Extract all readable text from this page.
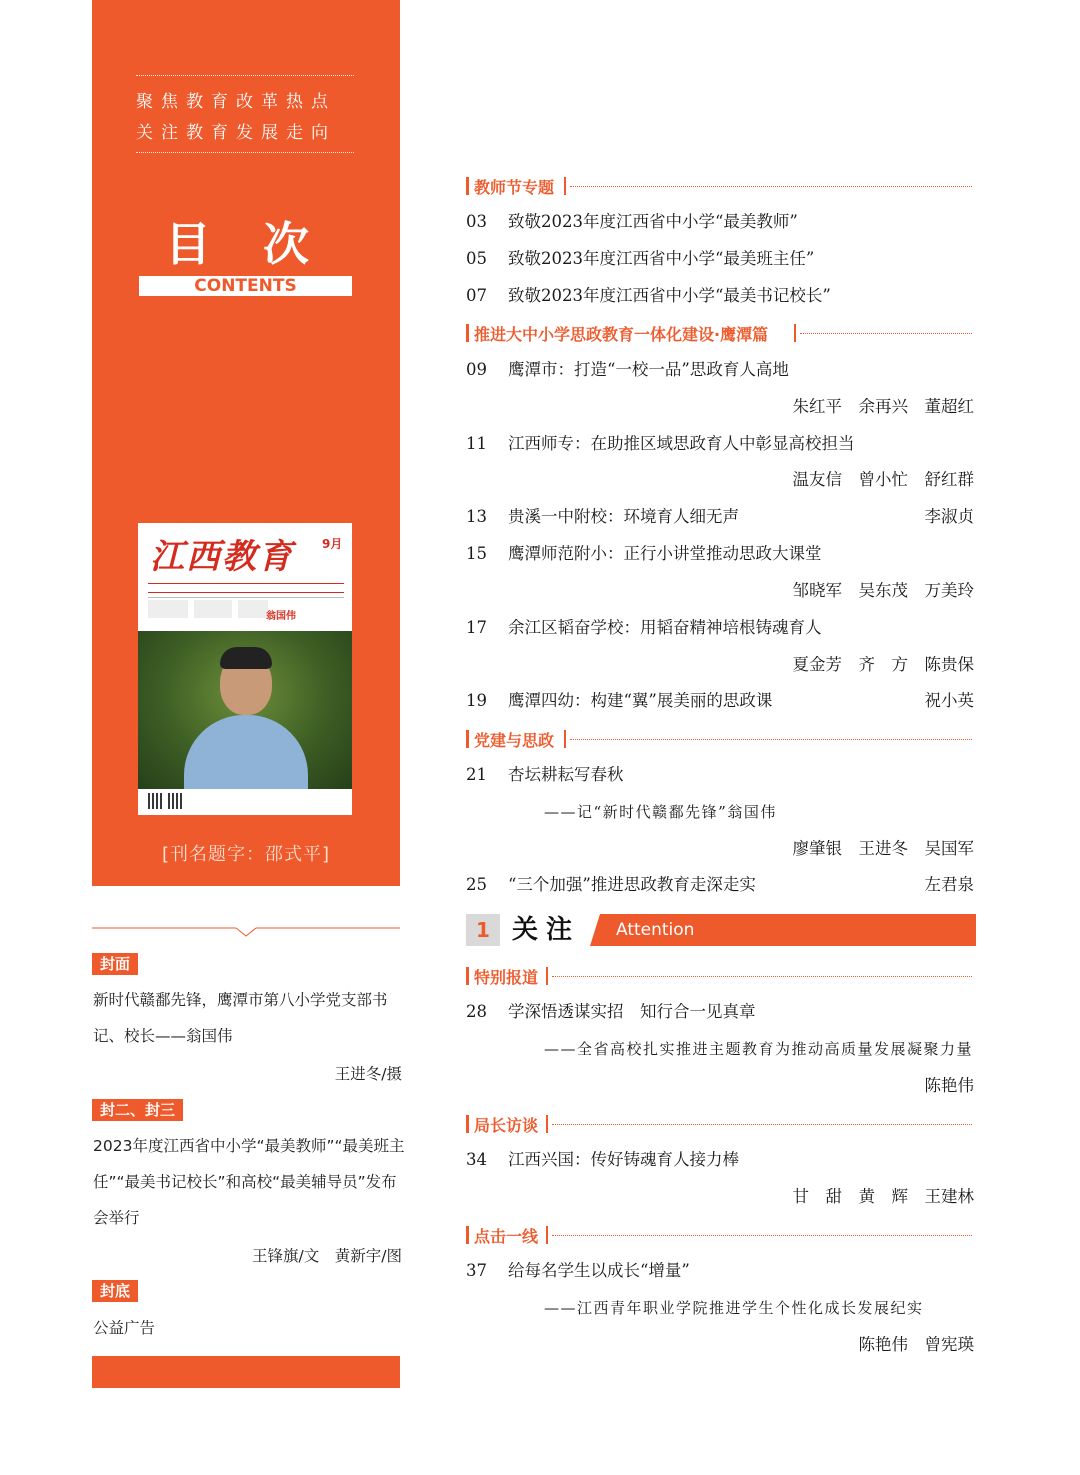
聚焦教育改革热点
关注教育发展走向
目 次
CONTENTS
江西教育 9月
翁国伟
[刊名题字：邵式平]
封面
新时代赣鄱先锋，鹰潭市第八小学党支部书记、校长——翁国伟
王进冬/摄
封二、封三
2023年度江西省中小学“最美教师”“最美班主任”“最美书记校长”和高校“最美辅导员”发布会举行
王锋旗/文　黄新宇/图
封底
公益广告
教师节专题
03	致敬2023年度江西省中小学“最美教师”
05	致敬2023年度江西省中小学“最美班主任”
07	致敬2023年度江西省中小学“最美书记校长”
推进大中小学思政教育一体化建设·鹰潭篇
09	鹰潭市：打造“一校一品”思政育人高地
朱红平　余再兴　董超红
11	江西师专：在助推区域思政育人中彰显高校担当
温友信　曾小忙　舒红群
13	贵溪一中附校：环境育人细无声	李淑贞
15	鹰潭师范附小：正行小讲堂推动思政大课堂
邹晓军　吴东茂　万美玲
17	余江区韬奋学校：用韬奋精神培根铸魂育人
夏金芳　齐　方　陈贵保
19	鹰潭四幼：构建“翼”展美丽的思政课	祝小英
党建与思政
21	杏坛耕耘写春秋
——记“新时代赣鄱先锋”翁国伟
廖肇银　王进冬　吴国军
25	“三个加强”推进思政教育走深走实	左君泉
1 关注 Attention
特别报道
28	学深悟透谋实招　知行合一见真章
——全省高校扎实推进主题教育为推动高质量发展凝聚力量
陈艳伟
局长访谈
34	江西兴国：传好铸魂育人接力棒
甘　甜　黄　辉　王建林
点击一线
37	给每名学生以成长“增量”
——江西青年职业学院推进学生个性化成长发展纪实
陈艳伟　曾宪瑛
